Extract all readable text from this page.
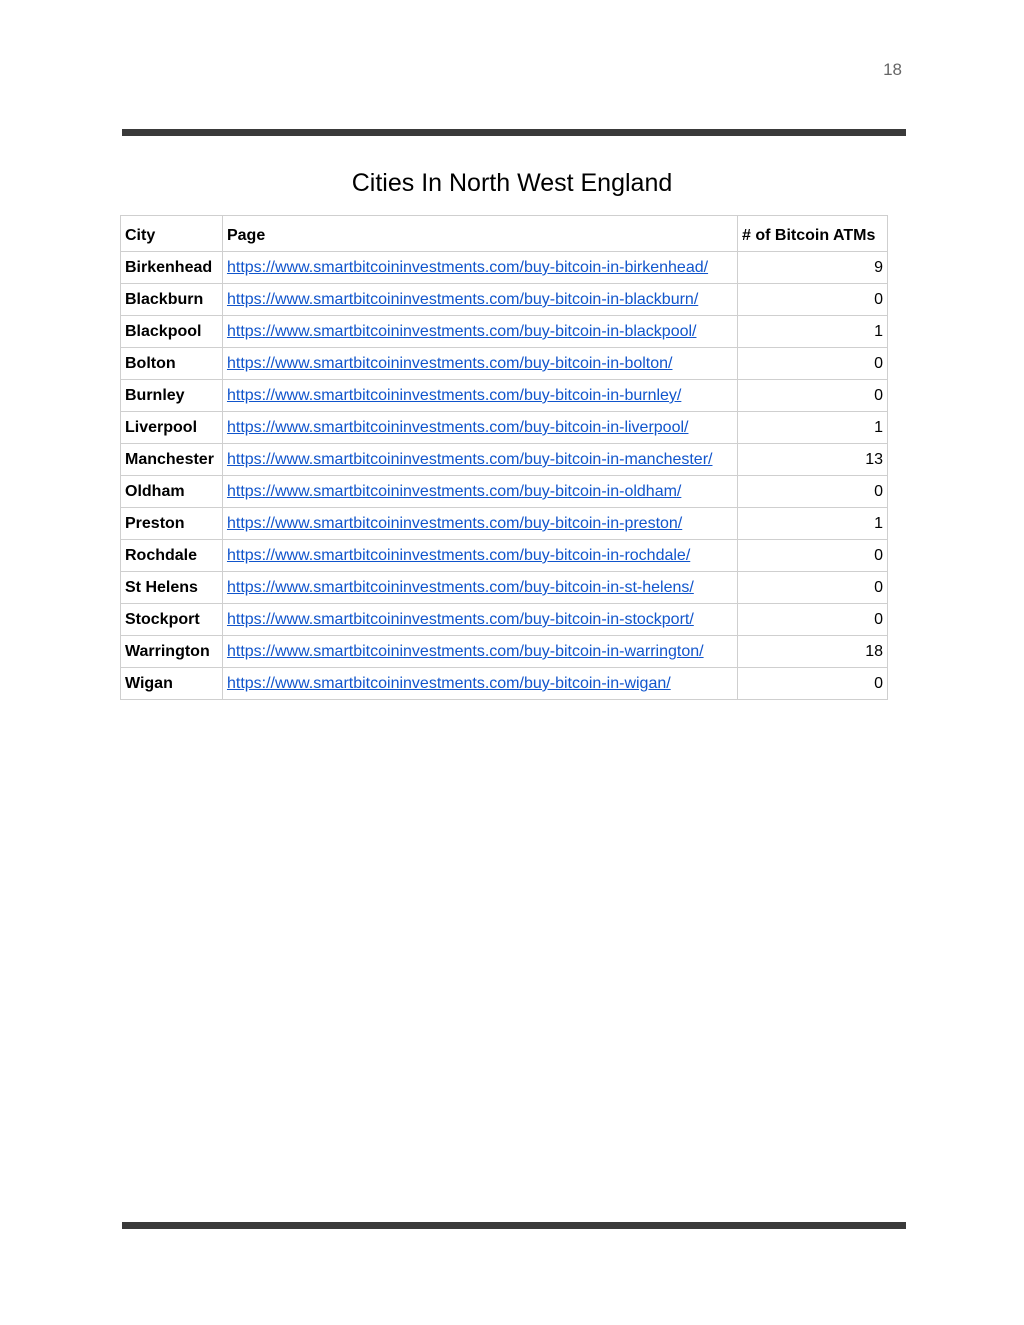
18
Cities In North West England
City	Page	# of Bitcoin ATMs
Birkenhead	https://www.smartbitcoininvestments.com/buy-bitcoin-in-birkenhead/	9
Blackburn	https://www.smartbitcoininvestments.com/buy-bitcoin-in-blackburn/	0
Blackpool	https://www.smartbitcoininvestments.com/buy-bitcoin-in-blackpool/	1
Bolton	https://www.smartbitcoininvestments.com/buy-bitcoin-in-bolton/	0
Burnley	https://www.smartbitcoininvestments.com/buy-bitcoin-in-burnley/	0
Liverpool	https://www.smartbitcoininvestments.com/buy-bitcoin-in-liverpool/	1
Manchester	https://www.smartbitcoininvestments.com/buy-bitcoin-in-manchester/	13
Oldham	https://www.smartbitcoininvestments.com/buy-bitcoin-in-oldham/	0
Preston	https://www.smartbitcoininvestments.com/buy-bitcoin-in-preston/	1
Rochdale	https://www.smartbitcoininvestments.com/buy-bitcoin-in-rochdale/	0
St Helens	https://www.smartbitcoininvestments.com/buy-bitcoin-in-st-helens/	0
Stockport	https://www.smartbitcoininvestments.com/buy-bitcoin-in-stockport/	0
Warrington	https://www.smartbitcoininvestments.com/buy-bitcoin-in-warrington/	18
Wigan	https://www.smartbitcoininvestments.com/buy-bitcoin-in-wigan/	0
